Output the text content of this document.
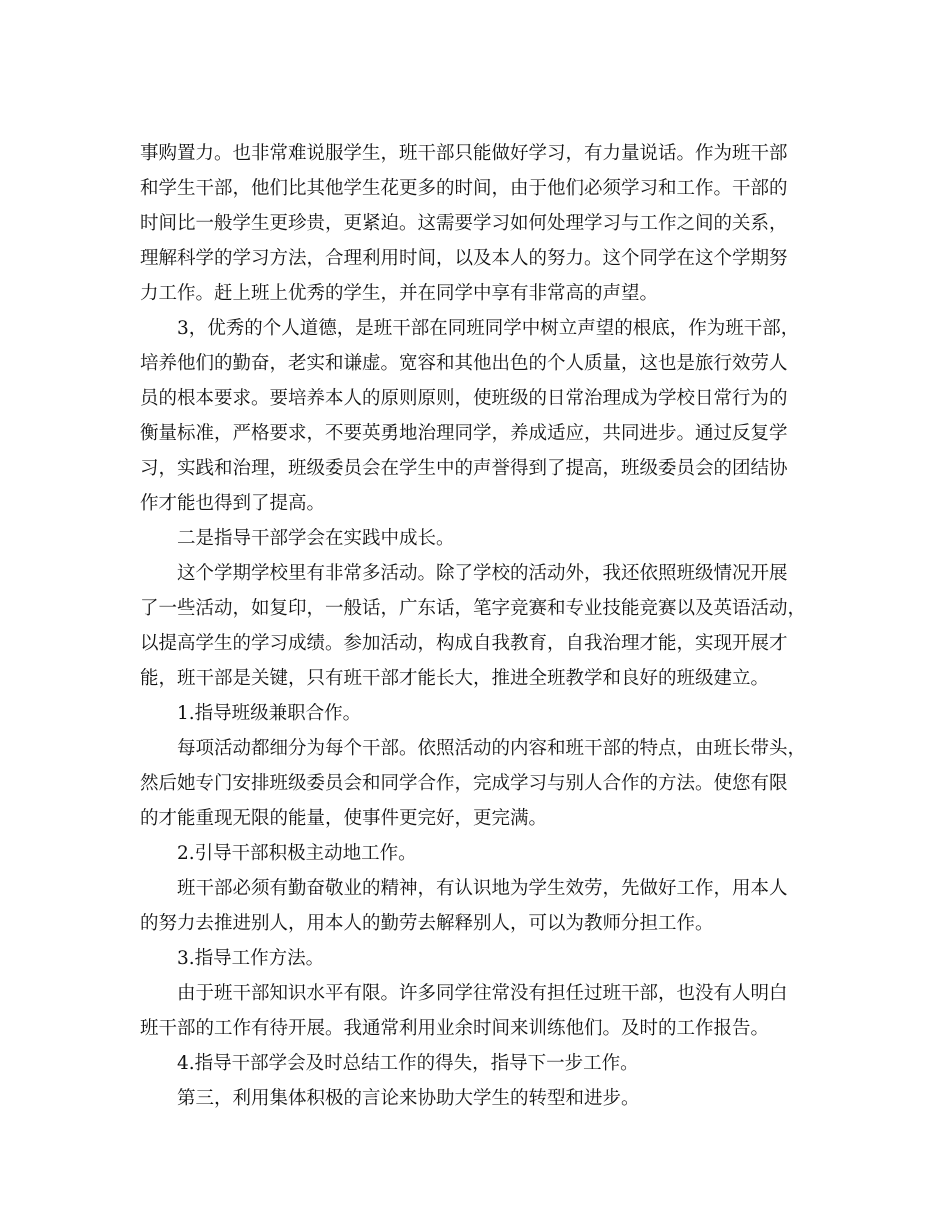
事购置力。也非常难说服学生，班干部只能做好学习，有力量说话。作为班干部
和学生干部，他们比其他学生花更多的时间，由于他们必须学习和工作。干部的
时间比一般学生更珍贵，更紧迫。这需要学习如何处理学习与工作之间的关系，
理解科学的学习方法，合理利用时间，以及本人的努力。这个同学在这个学期努
力工作。赶上班上优秀的学生，并在同学中享有非常高的声望。
3，优秀的个人道德，是班干部在同班同学中树立声望的根底，作为班干部，
培养他们的勤奋，老实和谦虚。宽容和其他出色的个人质量，这也是旅行效劳人
员的根本要求。要培养本人的原则原则，使班级的日常治理成为学校日常行为的
衡量标准，严格要求，不要英勇地治理同学，养成适应，共同进步。通过反复学
习，实践和治理，班级委员会在学生中的声誉得到了提高，班级委员会的团结协
作才能也得到了提高。
二是指导干部学会在实践中成长。
这个学期学校里有非常多活动。除了学校的活动外，我还依照班级情况开展
了一些活动，如复印，一般话，广东话，笔字竞赛和专业技能竞赛以及英语活动，
以提高学生的学习成绩。参加活动，构成自我教育，自我治理才能，实现开展才
能，班干部是关键，只有班干部才能长大，推进全班教学和良好的班级建立。
1.指导班级兼职合作。
每项活动都细分为每个干部。依照活动的内容和班干部的特点，由班长带头，
然后她专门安排班级委员会和同学合作，完成学习与别人合作的方法。使您有限
的才能重现无限的能量，使事件更完好，更完满。
2.引导干部积极主动地工作。
班干部必须有勤奋敬业的精神，有认识地为学生效劳，先做好工作，用本人
的努力去推进别人，用本人的勤劳去解释别人，可以为教师分担工作。
3.指导工作方法。
由于班干部知识水平有限。许多同学往常没有担任过班干部，也没有人明白
班干部的工作有待开展。我通常利用业余时间来训练他们。及时的工作报告。
4.指导干部学会及时总结工作的得失，指导下一步工作。
第三，利用集体积极的言论来协助大学生的转型和进步。
